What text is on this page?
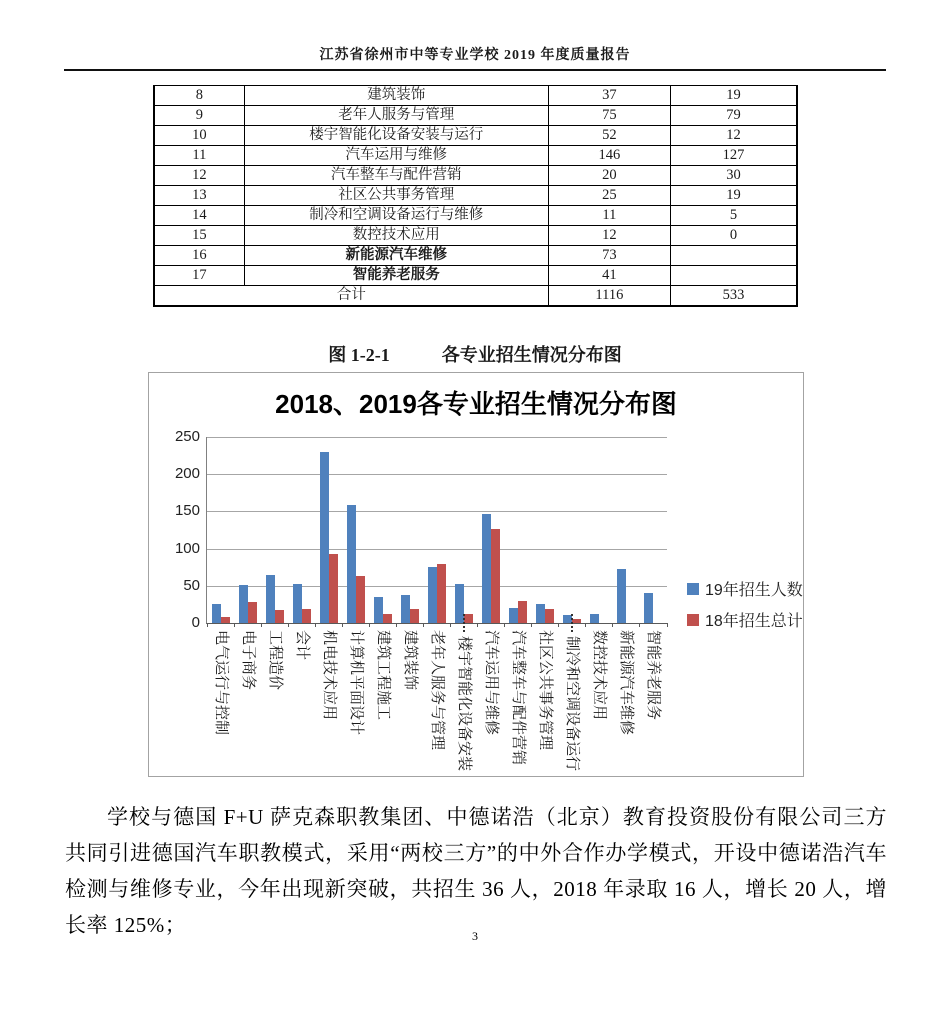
江苏省徐州市中等专业学校 2019 年度质量报告
8	建筑装饰	37	19
9	老年人服务与管理	75	79
10	楼宇智能化设备安装与运行	52	12
11	汽车运用与维修	146	127
12	汽车整车与配件营销	20	30
13	社区公共事务管理	25	19
14	制冷和空调设备运行与维修	11	5
15	数控技术应用	12	0
16	新能源汽车维修	73	
17	智能养老服务	41	
合计		1116	533
图 1-2-1	各专业招生情况分布图
2018、2019各专业招生情况分布图
0
50
100
150
200
250
电气运行与控制 电子商务 工程造价 会计 机电技术应用 计算机平面设计 建筑工程施工 建筑装饰 老年人服务与管理 楼宇智能化设备安装 汽车运用与维修 汽车整车与配件营销 社区公共事务管理 制冷和空调设备运行 数控技术应用 新能源汽车维修 智能养老服务
19年招生人数
18年招生总计

学校与德国 F+U 萨克森职教集团、中德诺浩（北京）教育投资股份有限公司三方共同引进德国汽车职教模式，采用“两校三方”的中外合作办学模式，开设中德诺浩汽车检测与维修专业，今年出现新突破，共招生 36 人，2018 年录取 16 人，增长 20 人，增长率 125%；	3
